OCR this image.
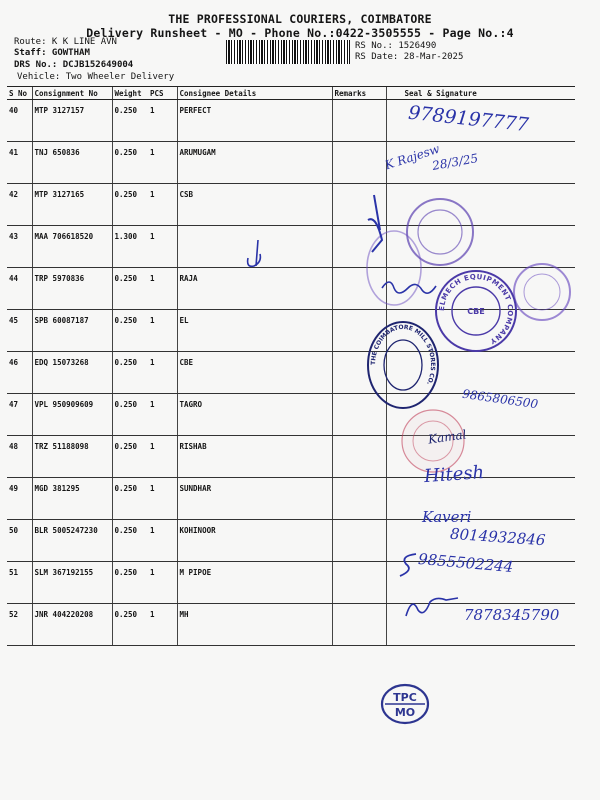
THE PROFESSIONAL COURIERS, COIMBATORE
Delivery Runsheet - MO - Phone No.:0422-3505555 - Page No.:4
Route: K K LINE AVN
Staff: GOWTHAM
DRS No.: DCJB152649004
Vehicle: Two Wheeler Delivery
RS No.: 1526490
RS Date: 28-Mar-2025
S No	Consignment No	Weight	PCS	Consignee Details	Remarks	Seal & Signature
40	MTP 3127157	0.250	1	PERFECT		
41	TNJ 650836	0.250	1	ARUMUGAM		
42	MTP 3127165	0.250	1	CSB		
43	MAA 706618520	1.300	1			
44	TRP 5970836	0.250	1	RAJA		
45	SPB 60087187	0.250	1	EL		
46	EDQ 15073268	0.250	1	CBE		
47	VPL 950909609	0.250	1	TAGRO		
48	TRZ 51188098	0.250	1	RISHAB		
49	MGD 381295	0.250	1	SUNDHAR		
50	BLR 5005247230	0.250	1	KOHINOOR		
51	SLM 367192155	0.250	1	M PIPOE		
52	JNR 404220208	0.250	1	MH		
ELMECH EQUIPMENT COMPANY
CBE
THE COIMBATORE MILL STORES CO.
9789197777
K Rajesw
28/3/25
9865806500
Kamal
Hitesh
Kaveri
8014932846
9855502244
7878345790
TPC
MO
